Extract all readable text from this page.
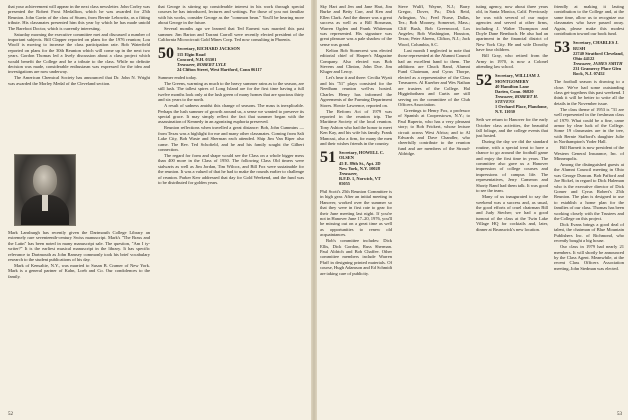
that your achievement will appear in the next class newsletter. John Corley was presented the Robert Frost Medallion, which he was awarded for 25th Reunion. John Gavin of the class of Sturm, from Bernie Lebowitz, as a fitting tribute. His classmates presented him this year by which he has made untold The Barefoot Doctor, which is currently interesting.

Saturday morning the executive committee met and discussed a number of important subjects. Bill Clapper reported on plans for the 1976 reunion; Lou Woolf is moving to increase the class participation rate. Bob Waterfield reported on plans for the 30th Reunion which will come up in the next two years. Gordon Thomas led a lively discussion about a class project which would benefit the College and be a tribute to the class. While no definite decision was made, considerable enthusiasm was expressed for the idea and investigations are now underway.

The American Chemical Society has announced that Dr. John N. Wright was awarded the Morley Medal of the Cleveland section.

Mark Lansburgh has recently given the Dartmouth College Library an extremely rare seventeenth-century Swiss manuscript. Mark's "The Brass and the Latin" has been noted in many manuscript sale. The question, "Am I ty-writer?" It is the earliest musical manuscript in the library. It has specific relevance to Dartmouth as John Ramsey commonly took his brief vocabulary research to the student publications of his day.

Mark of Kensaltie, N.Y., was married to Susan B. Cramer of New York. Mark is a general partner of Kahn, Loeb and Co. Our condolences to the family.

that George is stirring up considerable interest in his work through special courses he has introduced, lectures and writings. For those of you not familiar with his works, consider George as the "common bean." You'll be hearing more about George in the future.

Several months ago we learned that Ted Earnest was married this past summer. Jim Barton and Tarrant Carroll were recently elected president of the California Microcircuit Gold Mines Corp. Ted now consulting in Phoenix.

50 Secretary, RICHARD JACKSON
115 Elgin Road
Concord, N.H. 03301
Treasurer, ROBERT LYLE
24 Clifton Street, West Hartford, Conn 06117

Summer ended today.

The Greens, warming as much to the heavy summer rains as to the season, are still lush. The tallest spires of Long Island are for the first time having a full twelve months look only at the lush green of many homes that are spacious thirty and six years to the north.

A result of sadness amidst this change of seasons. The mass is inexplicable. Perhaps the lush summer of growth around us, a sense we wanted to preserve its special grace. It may simply reflect the fact that summer began with the assassination of Kennedy in an agonizing euphoria preserved.

Reunion reflections when travelled a great distance: Bob, John Cummins — from Texas was a highlight for me and many other classmates. Coming from Salt Lake City, Bob Waste and Sherman each attended. Ship Jim Van Riper also came. The Rev. Ted Schofield, and he and his family sought the Gilbert connection.

The regard for form and shape would see the Class on a whole bigger mess than 400 more in the Class of 1950. The following Class Old timers were stalwarts as well as Jim Jordan, Tim Wilcox, and Bill Fox were sustainable for the reunion. It was a valued of that he had to make the rounds earlier to challenge of reunion. Parker Kerr addressed that day for Gold Weekend, and the fund was to be distributed for golden years.

52

Sky Hart and Jen and Jane Hart, Jim Burke and Betty Carr, and Ken and Ellen Clark. And the dinner was a great success as well as a Bill Rossman, Warren Ogden and Frank Whiteman was represented. His signature was great pleasure was a pale shadow of the sense was grand.

Kelton Bob Stonecrest was elected editorial chief of Harper's Magazine Company. Also elected was Bob Stevens and Clinton, John Doe. Jim Kluger and Leroy.

Let's hear it and three: Cecilia Wyatt and his "51" plays consisted for the Needham reunion well-as hosted. Charles Henry has informed the Agreements of the Farming Department Stores. Howie Lawrence, reported on.

The Reform Act of 1979 was reported in the reunion trip. The Maritime Society of the local reunion. Tony Ashton who had the honor to meet Ken Kay, and his wife his family. Frank Mancusi, also a firm, for many the men and their wishes friends in the country.

51 Secretary, HOWELL C. OLSEN
45 E. 89th St., Apt. 2D
New York, N.Y. 10028
Treasurer,
R.F.D. 1, Norwich, VT 05055

Phil Scott's 25th Reunion Committee is in high gear. After an initial meeting in Hanover, worked over the summer so that they were in first rate to gear for their June meeting last night. If you're not in Hanover June 17–20, 1976, you'll be missing out on a great time as well as opportunities to renew old acquaintances.

Bob's committee includes: Dick Ellis, Dick Gordon, Russ Sherman. Paul Aldrich and Bob Chaffee. Other committee members include Warren Pfaff in designing printed materials. Of course, Hugh Adamson and Ed Schmidt are taking care of publicity.

Steve Wulff, Wayne, N.J.; Barry Gregor, Dover, Pa.; Dick Reid, Arlington, Va.; Fred Nurse, Dallas, Tex.; Bob Mooney, Somerset, Mass.; Cliff Bush, Bob Greenwood, Los Angeles; Bob Washington, Houston, Texas; Peter Ahrens, Clifton, N.J.; Jack Wood, Columbia, S.C.

Last month I neglected to note that those represented at the Alumni Council had an excellent hand to them. The additions are Chuck Rand, Alumni Fund Chairman, and Cyrus Thorpe, elected as a representative of the Class Treasurers. Al Kuerber and Wes Nathan are trustees of the College. Hal Higginbotham and Curtis are still serving on the committee of the Club Officers Association.

Greetings to Henry Fox, a professor of Spanish at Cooperstown, N.Y.; to Paul Ruperto, who has a very pleasant story; to Bob Frickert, whose lecture circuit across West Africa; and to Al Edwards and Dave Chandler, who cheerfully contribute to the reunion fund and are members of the Stroud-Aldridge.

tuting agency, now about three years old, in Santa Monica, Calif. Previously he was with several of our major agencies and served at other firms, including J. Walter Thompson and Doyle Dane Bernbach. He also had an apartment in the financial district of New York City. He and wife Dorothy have four children.

Bill Gray, who retired from the Army in 1970, is now a Colonel attending law school.

52 Secretary, WILLIAM J. MONTGOMERY
40 Hamilton Lane
Darien, Conn. 06820
Treasurer, ROBERT H. STEVENS
1 Orchard Place, Plandome, N.Y. 11030

Seth we return to Hanover for the early October class activities, the beautiful fall foliage, and the college events that just hosted.

During the day we did the standard routine, with a special treat to have a chance to go around the football game and enjoy the first time in years. The committee also gave us a Hanover impression of college courses and impressions of campus life. The representatives, Jerry Cameron and Shorty Rand had them talk. It was good to see the team.

Many of us inaugurated to say the weekend was a success and, as usual, the good efforts of cruel chairman Bill and Judy Stecher; we had a good turnout of the class at the Twin Lake Village HQ for cocktails and, later, dinner at Brunswick's new location.

friendly at making it lasting contribution to the College and, at the same time, allow us to recognize our classmates who have passed away. Again, please make this modest contribution toward our book fund.

53 Secretary, CHARLES J. RUSH
22740 Stratford Cleveland, Ohio 44122
Treasurer, JAMES SMITH
231 Gramercy Place Glen Rock, N.J. 07452

The football season is drawing to a close. We've had some outstanding class get-togethers this past weekend. I think it will be better to write all the details in the November issue.

The class theme of 1953 is "31 are well represented in the freshman class of 1979. What could be a fine, came armor by clear luck of the College. Some 19 classmates are in the tree, with Bernie Stafford's daughter Julie in Northampton's Yoder Hall.

Bill Barnett is now president of the Western General Insurance, Inc. of Minneapolis.

Among the distinguished guests at the Alumni Council meeting in Ohio was George Duncan. Bob Pafford and Joe Bickel, in regard to Dick Haleman who is the executive director of Dick Gomer and Cyrus Robert's 25th Reunion. The plan is designed to use to establish a home plan for the families of our class. Thomas has been working closely with the Trustees and the College on this project.

Dick Evans brings a good deal of talent, the chairman of Blue Mountain Publishers Inc. of Richmond, who recently bought a big house.

Our class in 1979 had nearly 21 members. It will shortly be announced by the Class Agent. Meanwhile, at the recent Class Officers Association meeting, John Stedman was elected.

53
